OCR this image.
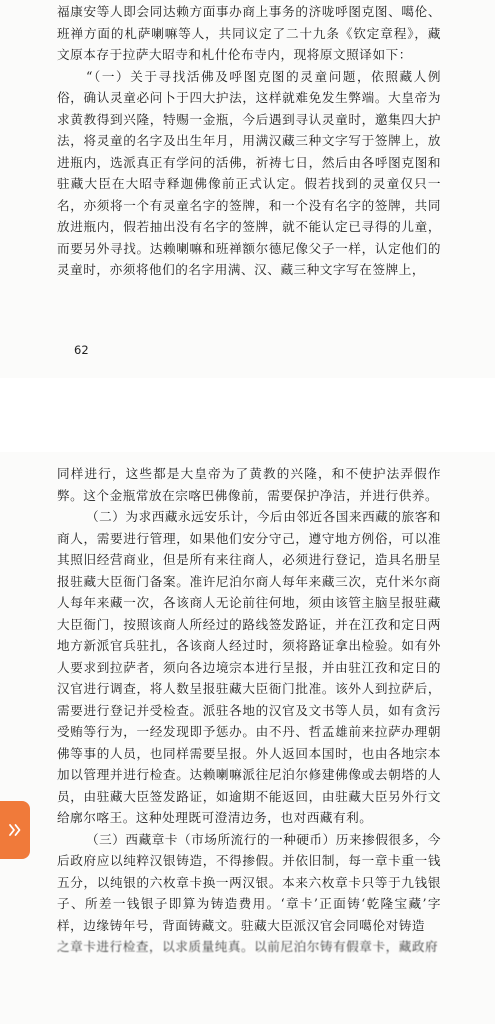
福康安等人即会同达赖方面事办商上事务的济咙呼图克图、噶伦、班禅方面的札萨喇嘛等人，共同议定了二十九条《钦定章程》，藏文原本存于拉萨大昭寺和札什伦布寺内，现将原文照译如下：

“（一）关于寻找活佛及呼图克图的灵童问题，依照藏人例俗，确认灵童必问卜于四大护法，这样就难免发生弊端。大皇帝为求黄教得到兴隆，特赐一金瓶，今后遇到寻认灵童时，邀集四大护法，将灵童的名字及出生年月，用满汉藏三种文字写于签牌上，放进瓶内，选派真正有学问的活佛，祈祷七日，然后由各呼图克图和驻藏大臣在大昭寺释迦佛像前正式认定。假若找到的灵童仅只一名，亦须将一个有灵童名字的签牌，和一个没有名字的签牌，共同放进瓶内，假若抽出没有名字的签牌，就不能认定已寻得的儿童，而要另外寻找。达赖喇嘛和班禅额尔德尼像父子一样，认定他们的灵童时，亦须将他们的名字用满、汉、藏三种文字写在签牌上，

62

同样进行，这些都是大皇帝为了黄教的兴隆，和不使护法弄假作弊。这个金瓶常放在宗喀巴佛像前，需要保护净洁，并进行供养。

（二）为求西藏永远安乐计，今后由邻近各国来西藏的旅客和商人，需要进行管理，如果他们安分守己，遵守地方例俗，可以准其照旧经营商业，但是所有来往商人，必须进行登记，造具名册呈报驻藏大臣衙门备案。准许尼泊尔商人每年来藏三次，克什米尔商人每年来藏一次，各该商人无论前往何地，须由该管主脑呈报驻藏大臣衙门，按照该商人所经过的路线签发路证，并在江孜和定日两地方新派官兵驻扎，各该商人经过时，须将路证拿出检验。如有外人要求到拉萨者，须向各边境宗本进行呈报，并由驻江孜和定日的汉官进行调查，将人数呈报驻藏大臣衙门批准。该外人到拉萨后，需要进行登记并受检查。派驻各地的汉官及文书等人员，如有贪污受贿等行为，一经发现即予惩办。由不丹、哲孟雄前来拉萨办理朝佛等事的人员，也同样需要呈报。外人返回本国时，也由各地宗本加以管理并进行检查。达赖喇嘛派往尼泊尔修建佛像或去朝塔的人员，由驻藏大臣签发路证，如逾期不能返回，由驻藏大臣另外行文给廓尔喀王。这种处理既可澄清边务，也对西藏有利。

（三）西藏章卡（市场所流行的一种硬币）历来掺假很多，今后政府应以纯粹汉银铸造，不得掺假。并依旧制，每一章卡重一钱五分，以纯银的六枚章卡换一两汉银。本来六枚章卡只等于九钱银子、所差一钱银子即算为铸造费用。‘章卡’正面铸‘乾隆宝藏’字样，边缘铸年号，背面铸藏文。驻藏大臣派汉官会同噶伦对铸造

之章卡进行检查，以求质量纯真。以前尼泊尔铸有假章卡，藏政府
